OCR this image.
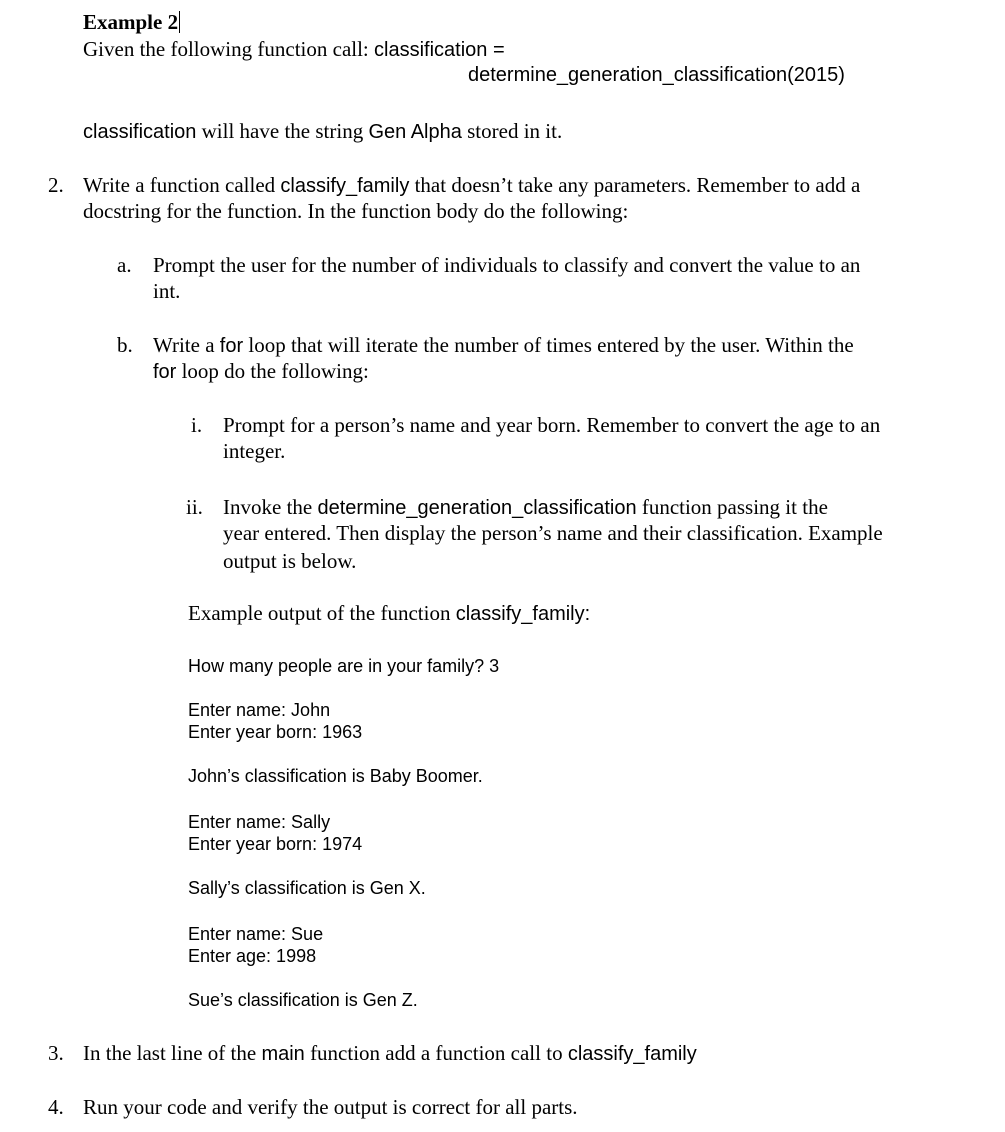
Example 2
Given the following function call: classification =
determine_generation_classification(2015)
classification will have the string Gen Alpha stored in it.
2. Write a function called classify_family that doesn’t take any parameters. Remember to add a
docstring for the function. In the function body do the following:
a. Prompt the user for the number of individuals to classify and convert the value to an
int.
b. Write a for loop that will iterate the number of times entered by the user. Within the
for loop do the following:
i. Prompt for a person’s name and year born. Remember to convert the age to an
integer.
ii. Invoke the determine_generation_classification function passing it the
year entered. Then display the person’s name and their classification. Example
output is below.
Example output of the function classify_family:
How many people are in your family? 3
Enter name: John
Enter year born: 1963
John’s classification is Baby Boomer.
Enter name: Sally
Enter year born: 1974
Sally’s classification is Gen X.
Enter name: Sue
Enter age: 1998
Sue’s classification is Gen Z.
3. In the last line of the main function add a function call to classify_family
4. Run your code and verify the output is correct for all parts.
